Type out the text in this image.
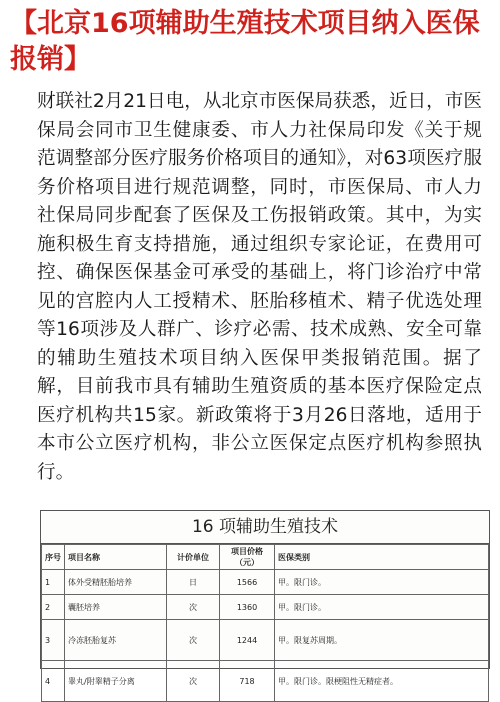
【北京16项辅助生殖技术项目纳入医保报销】
财联社2月21日电，从北京市医保局获悉，近日，市医保局会同市卫生健康委、市人力社保局印发《关于规范调整部分医疗服务价格项目的通知》，对63项医疗服务价格项目进行规范调整，同时，市医保局、市人力社保局同步配套了医保及工伤报销政策。其中，为实施积极生育支持措施，通过组织专家论证，在费用可控、确保医保基金可承受的基础上，将门诊治疗中常见的宫腔内人工授精术、胚胎移植术、精子优选处理等16项涉及人群广、诊疗必需、技术成熟、安全可靠的辅助生殖技术项目纳入医保甲类报销范围。据了解，目前我市具有辅助生殖资质的基本医疗保险定点医疗机构共15家。新政策将于3月26日落地，适用于本市公立医疗机构，非公立医保定点医疗机构参照执行。
16 项辅助生殖技术
序号	项目名称	计价单位	项目价格（元）	医保类别
1	体外受精胚胎培养	日	1566	甲。限门诊。
2	囊胚培养	次	1360	甲。限门诊。
3	冷冻胚胎复苏	次	1244	甲。限复苏周期。
4	睾丸/附睾精子分离	次	718	甲。限门诊。限梗阻性无精症者。
